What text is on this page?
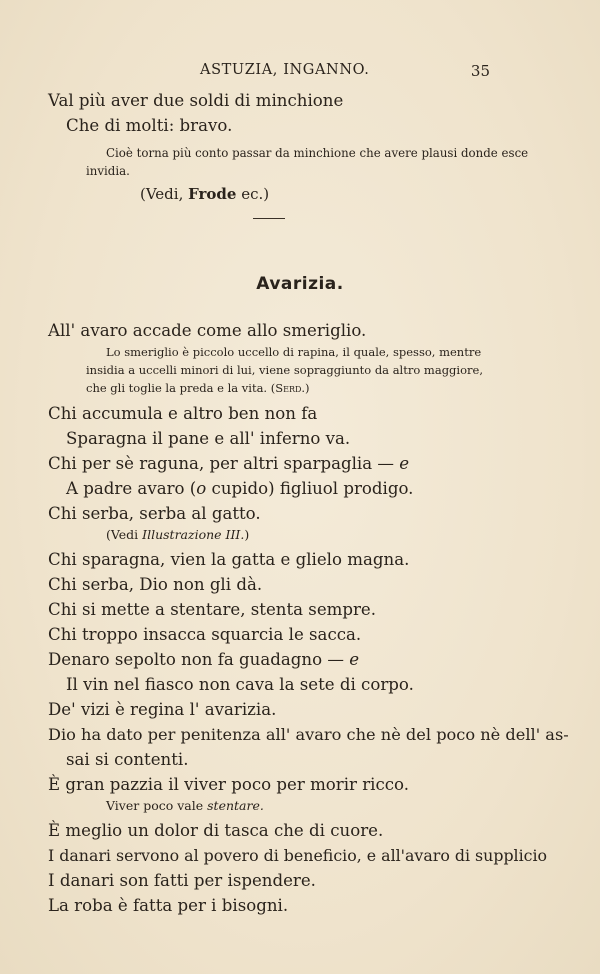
ASTUZIA, INGANNO.	35

Val più aver due soldi di minchione

Che di molti: bravo.

Cioè torna più conto passar da minchione che avere plausi donde esce

invidia.

(Vedi, Frode ec.)

Avarizia.

All' avaro accade come allo smeriglio.

Lo smeriglio è piccolo uccello di rapina, il quale, spesso, mentre

insidia a uccelli minori di lui, viene sopraggiunto da altro maggiore,

che gli toglie la preda e la vita. (Serd.)

Chi accumula e altro ben non fa

Sparagna il pane e all' inferno va.

Chi per sè raguna, per altri sparpaglia — e

A padre avaro (o cupido) figliuol prodigo.

Chi serba, serba al gatto.

(Vedi Illustrazione III.)

Chi sparagna, vien la gatta e glielo magna.

Chi serba, Dio non gli dà.

Chi si mette a stentare, stenta sempre.

Chi troppo insacca squarcia le sacca.

Denaro sepolto non fa guadagno — e

Il vin nel fiasco non cava la sete di corpo.

De' vizi è regina l' avarizia.

Dio ha dato per penitenza all' avaro che nè del poco nè dell' as-

sai si contenti.

È gran pazzia il viver poco per morir ricco.

Viver poco vale stentare.

È meglio un dolor di tasca che di cuore.

I danari servono al povero di beneficio, e all'avaro di supplicio

I danari son fatti per ispendere.

La roba è fatta per i bisogni.
